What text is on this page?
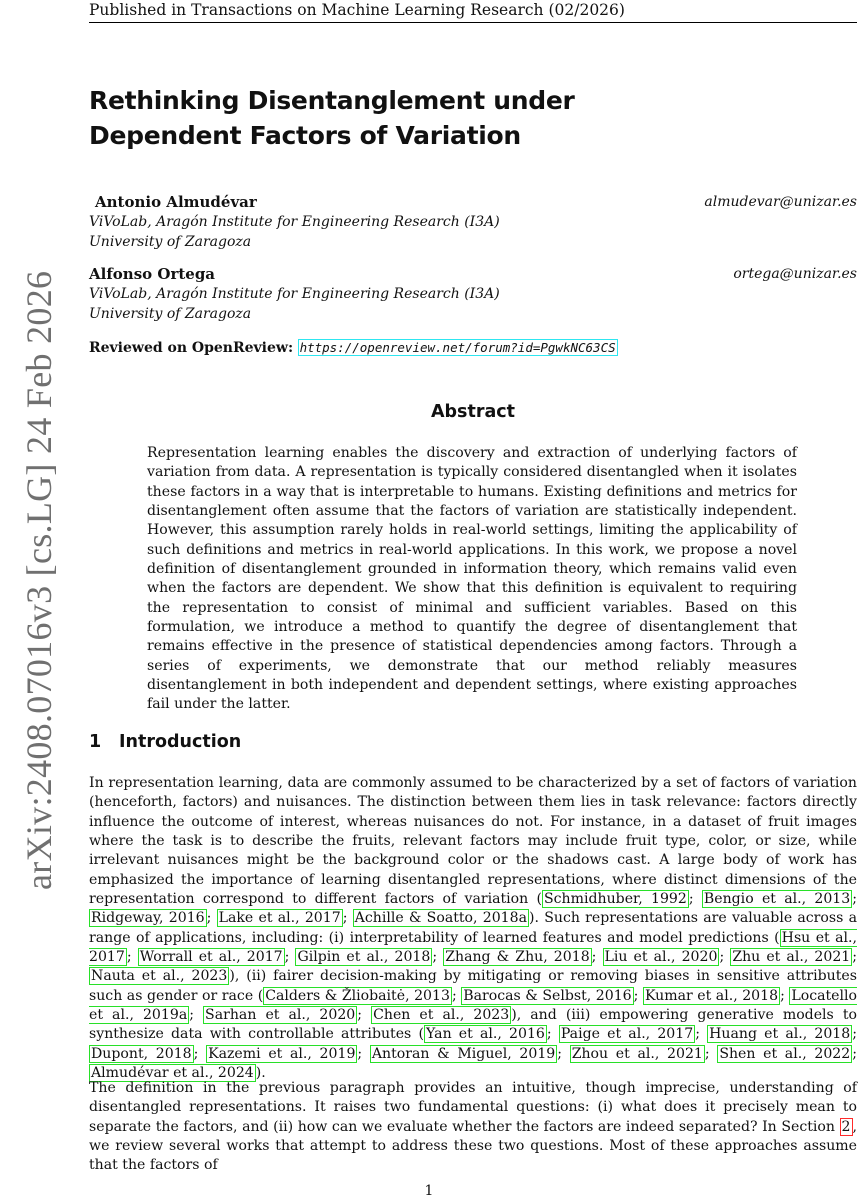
Published in Transactions on Machine Learning Research (02/2026)
arXiv:2408.07016v3 [cs.LG] 24 Feb 2026
Rethinking Disentanglement under
Dependent Factors of Variation
Antonio Almudévar	almudevar@unizar.es
ViVoLab, Aragón Institute for Engineering Research (I3A)
University of Zaragoza
Alfonso Ortega	ortega@unizar.es
ViVoLab, Aragón Institute for Engineering Research (I3A)
University of Zaragoza
Reviewed on OpenReview: https://openreview.net/forum?id=PgwkNC63CS
Abstract

Representation learning enables the discovery and extraction of underlying factors of variation from data. A representation is typically considered disentangled when it isolates these factors in a way that is interpretable to humans. Existing definitions and metrics for disentanglement often assume that the factors of variation are statistically independent. However, this assumption rarely holds in real-world settings, limiting the applicability of such definitions and metrics in real-world applications. In this work, we propose a novel definition of disentanglement grounded in information theory, which remains valid even when the factors are dependent. We show that this definition is equivalent to requiring the representation to consist of minimal and sufficient variables. Based on this formulation, we introduce a method to quantify the degree of disentanglement that remains effective in the presence of statistical dependencies among factors. Through a series of experiments, we demonstrate that our method reliably measures disentanglement in both independent and dependent settings, where existing approaches fail under the latter.

1 Introduction

In representation learning, data are commonly assumed to be characterized by a set of factors of variation (henceforth, factors) and nuisances. The distinction between them lies in task relevance: factors directly influence the outcome of interest, whereas nuisances do not. For instance, in a dataset of fruit images where the task is to describe the fruits, relevant factors may include fruit type, color, or size, while irrelevant nuisances might be the background color or the shadows cast. A large body of work has emphasized the importance of learning disentangled representations, where distinct dimensions of the representation correspond to different factors of variation ( Schmidhuber, 1992 ; Bengio et al., 2013 ; Ridgeway, 2016 ; Lake et al., 2017 ; Achille & Soatto, 2018a ). Such representations are valuable across a range of applications, including: (i) interpretability of learned features and model predictions ( Hsu et al., 2017 ; Worrall et al., 2017 ; Gilpin et al., 2018 ; Zhang & Zhu, 2018 ; Liu et al., 2020 ; Zhu et al., 2021 ; Nauta et al., 2023 ), (ii) fairer decision-making by mitigating or removing biases in sensitive attributes such as gender or race ( Calders & Žliobaitė, 2013 ; Barocas & Selbst, 2016 ; Kumar et al., 2018 ; Locatello et al., 2019a ; Sarhan et al., 2020 ; Chen et al., 2023 ), and (iii) empowering generative models to synthesize data with controllable attributes ( Yan et al., 2016 ; Paige et al., 2017 ; Huang et al., 2018 ; Dupont, 2018 ; Kazemi et al., 2019 ; Antoran & Miguel, 2019 ; Zhou et al., 2021 ; Shen et al., 2022 ; Almudévar et al., 2024 ).

The definition in the previous paragraph provides an intuitive, though imprecise, understanding of disentangled representations. It raises two fundamental questions: (i) what does it precisely mean to separate the factors, and (ii) how can we evaluate whether the factors are indeed separated? In Section 2 , we review several works that attempt to address these two questions. Most of these approaches assume that the factors of

1
